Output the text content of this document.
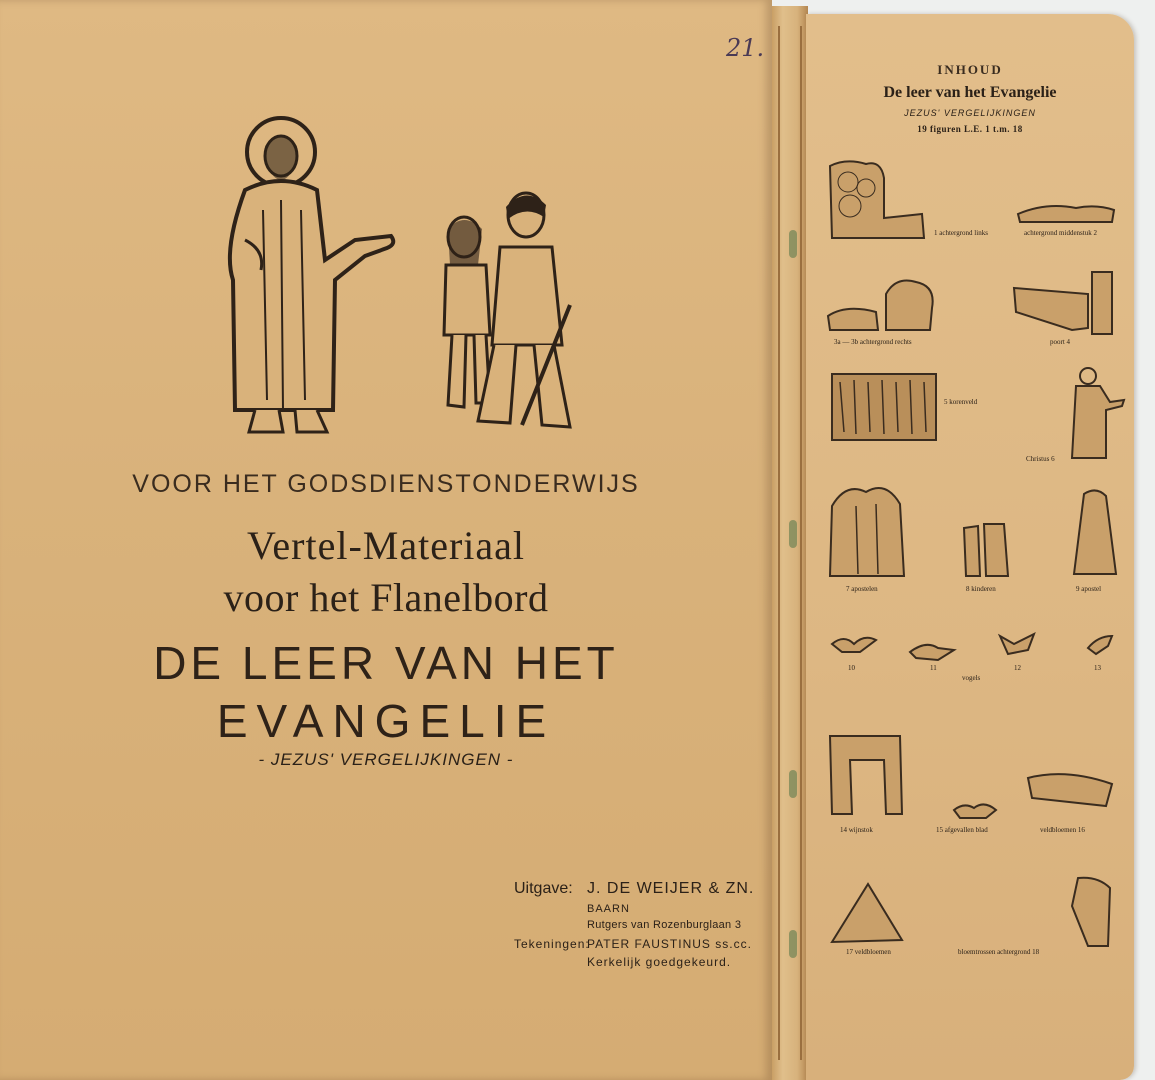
21.
VOOR HET GODSDIENSTONDERWIJS
Vertel-Materiaal
voor het Flanelbord
DE LEER VAN HET
EVANGELIE
- JEZUS' VERGELIJKINGEN -
Uitgave: J. DE WEIJER & ZN.
BAARN
Rutgers van Rozenburglaan 3
Tekeningen:
PATER FAUSTINUS ss.cc.
Kerkelijk goedgekeurd.
INHOUD
De leer van het Evangelie
JEZUS' VERGELIJKINGEN
19 figuren L.E. 1 t.m. 18
1 achtergrond links	achtergrond middenstuk 2
3a — 3b achtergrond rechts	poort 4
5 korenveld
Christus 6
7 apostelen	8 kinderen	9 apostel
10	11	12	13
vogels
14 wijnstok	15 afgevallen blad	veldbloemen 16
17 veldbloemen	bloemtrossen achtergrond 18
